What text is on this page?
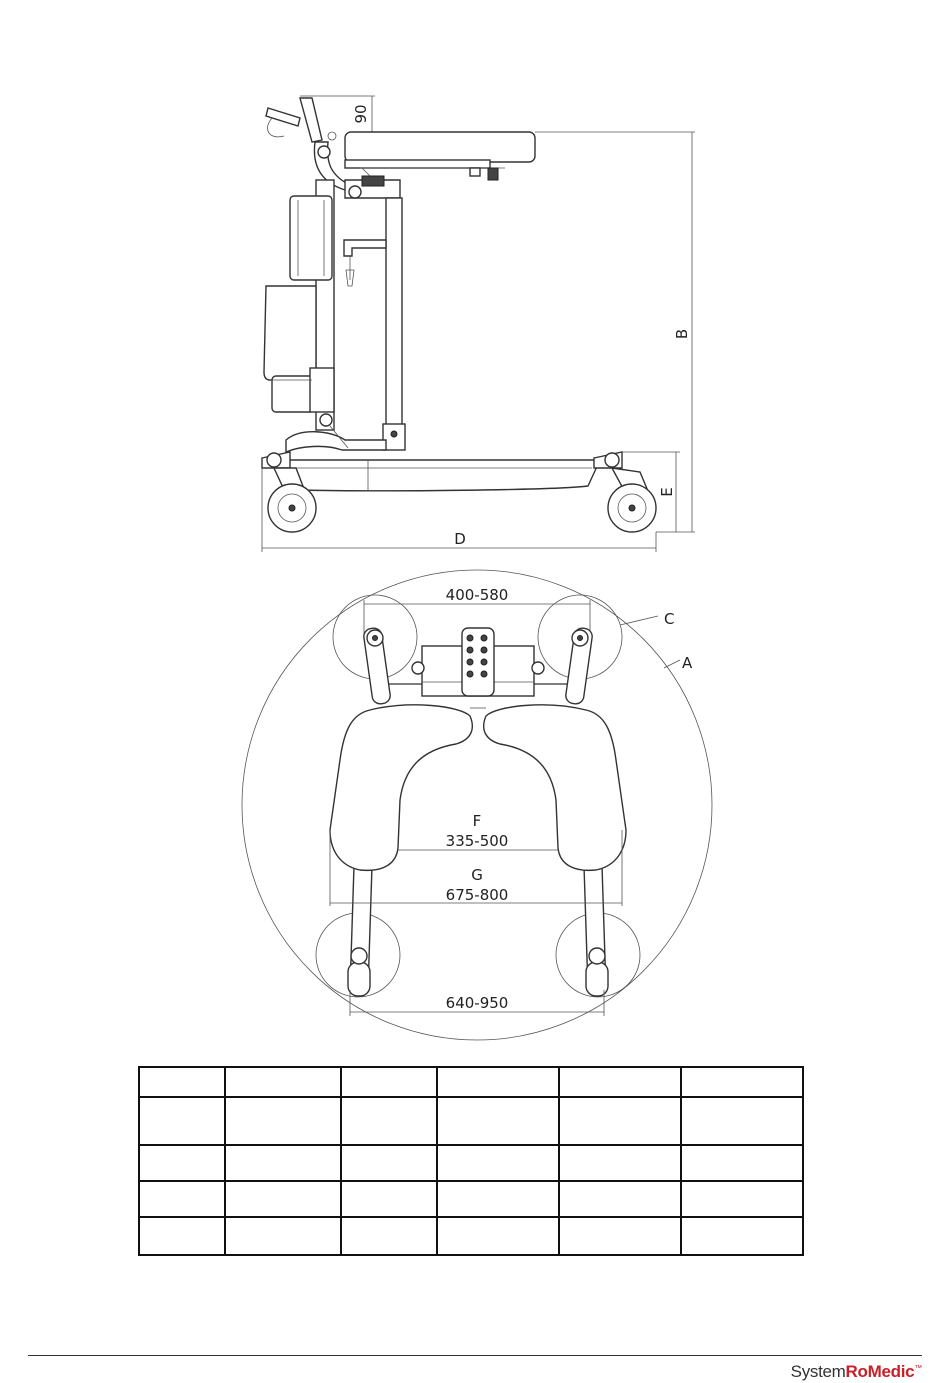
90
B
E
D
C
A
400-580
F
335-500
G
675-800
640-950

SystemRoMedic™
